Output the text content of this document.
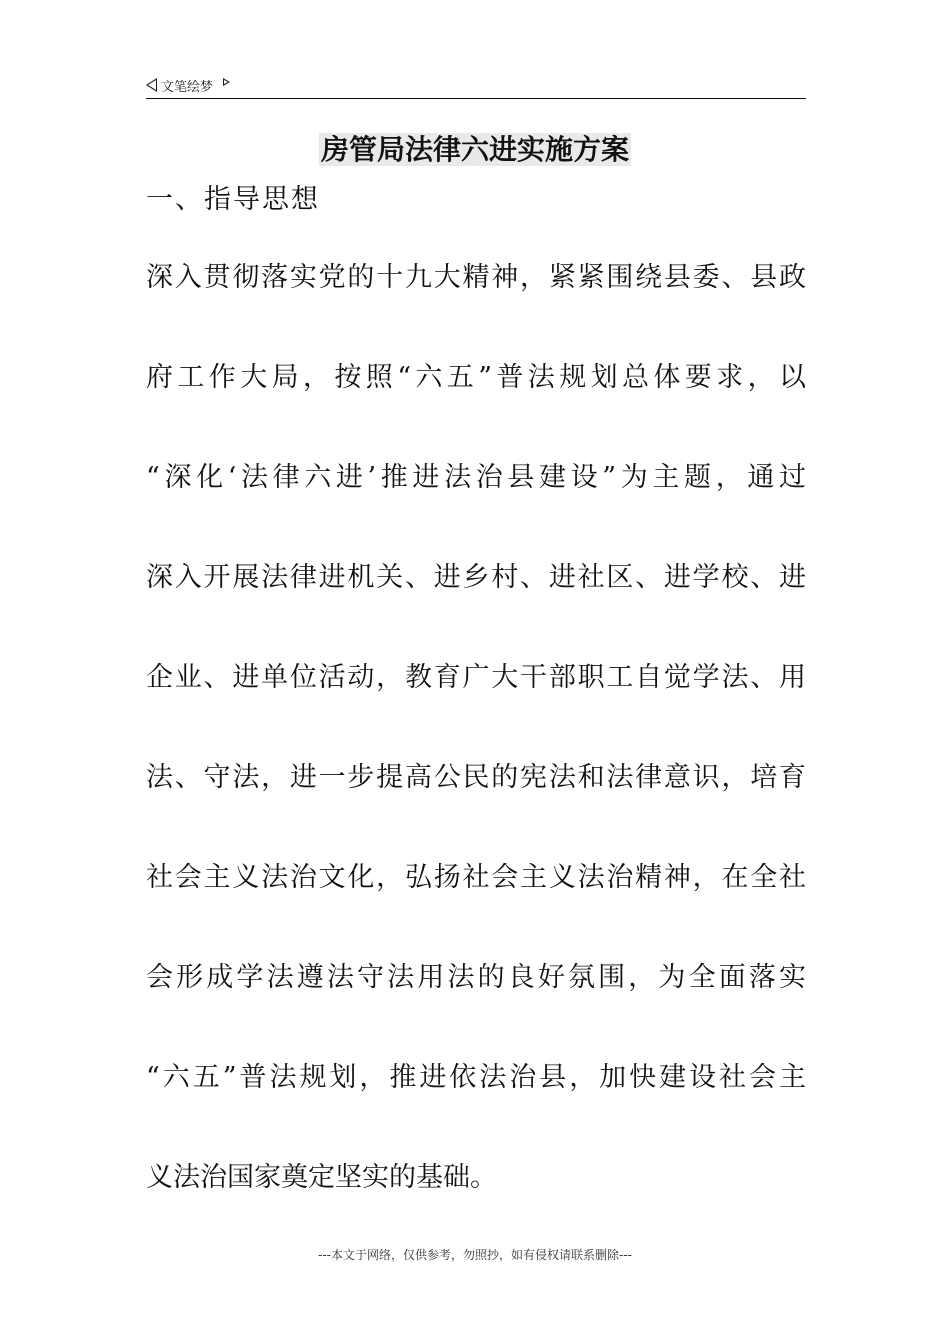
文笔绘梦
房管局法律六进实施方案
一、指导思想
深入贯彻落实党的十九大精神，紧紧围绕县委、县政
府工作大局，按照“六五”普法规划总体要求，以
“深化‘法律六进’推进法治县建设”为主题，通过
深入开展法律进机关、进乡村、进社区、进学校、进
企业、进单位活动，教育广大干部职工自觉学法、用
法、守法，进一步提高公民的宪法和法律意识，培育
社会主义法治文化，弘扬社会主义法治精神，在全社
会形成学法遵法守法用法的良好氛围，为全面落实
“六五”普法规划，推进依法治县，加快建设社会主
义法治国家奠定坚实的基础。
---本文于网络，仅供参考，勿照抄，如有侵权请联系删除---
